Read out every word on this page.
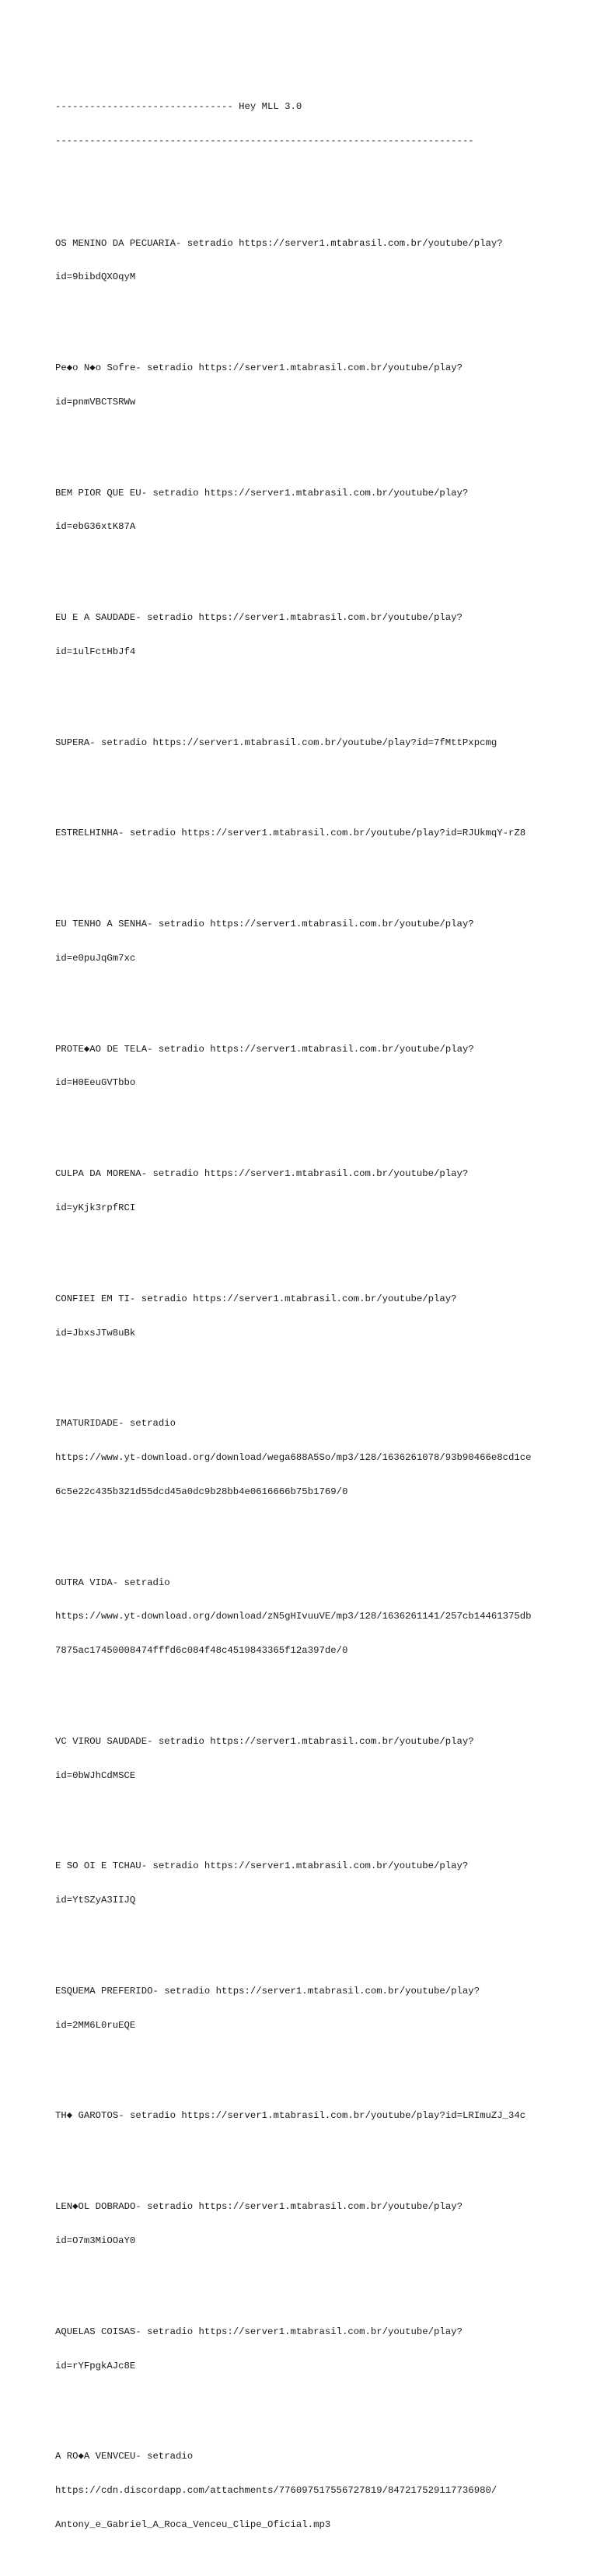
------------------------------- Hey MLL 3.0

-------------------------------------------------------------------------

OS MENINO DA PECUARIA- setradio https://server1.mtabrasil.com.br/youtube/play?

id=9bibdQXOqyM

Pe◆o N◆o Sofre- setradio https://server1.mtabrasil.com.br/youtube/play?

id=pnmVBCTSRWw

BEM PIOR QUE EU- setradio https://server1.mtabrasil.com.br/youtube/play?

id=ebG36xtK87A

EU E A SAUDADE- setradio https://server1.mtabrasil.com.br/youtube/play?

id=1ulFctHbJf4

SUPERA- setradio https://server1.mtabrasil.com.br/youtube/play?id=7fMttPxpcmg

ESTRELHINHA- setradio https://server1.mtabrasil.com.br/youtube/play?id=RJUkmqY-rZ8

EU TENHO A SENHA- setradio https://server1.mtabrasil.com.br/youtube/play?

id=e0puJqGm7xc

PROTE◆AO DE TELA- setradio https://server1.mtabrasil.com.br/youtube/play?

id=H0EeuGVTbbo

CULPA DA MORENA- setradio https://server1.mtabrasil.com.br/youtube/play?

id=yKjk3rpfRCI

CONFIEI EM TI- setradio https://server1.mtabrasil.com.br/youtube/play?

id=JbxsJTw8uBk

IMATURIDADE- setradio

https://www.yt-download.org/download/wega688A5So/mp3/128/1636261078/93b90466e8cd1ce

6c5e22c435b321d55dcd45a0dc9b28bb4e0616666b75b1769/0

OUTRA VIDA- setradio

https://www.yt-download.org/download/zN5gHIvuuVE/mp3/128/1636261141/257cb14461375db

7875ac17450008474fffd6c084f48c4519843365f12a397de/0

VC VIROU SAUDADE- setradio https://server1.mtabrasil.com.br/youtube/play?

id=0bWJhCdMSCE

E SO OI E TCHAU- setradio https://server1.mtabrasil.com.br/youtube/play?

id=YtSZyA3IIJQ

ESQUEMA PREFERIDO- setradio https://server1.mtabrasil.com.br/youtube/play?

id=2MM6L0ruEQE

TH◆ GAROTOS- setradio https://server1.mtabrasil.com.br/youtube/play?id=LRImuZJ_34c

LEN◆OL DOBRADO- setradio https://server1.mtabrasil.com.br/youtube/play?

id=O7m3MiOOaY0

AQUELAS COISAS- setradio https://server1.mtabrasil.com.br/youtube/play?

id=rYFpgkAJc8E

A RO◆A VENVCEU- setradio

https://cdn.discordapp.com/attachments/776097517556727819/847217529117736980/

Antony_e_Gabriel_A_Roca_Venceu_Clipe_Oficial.mp3
